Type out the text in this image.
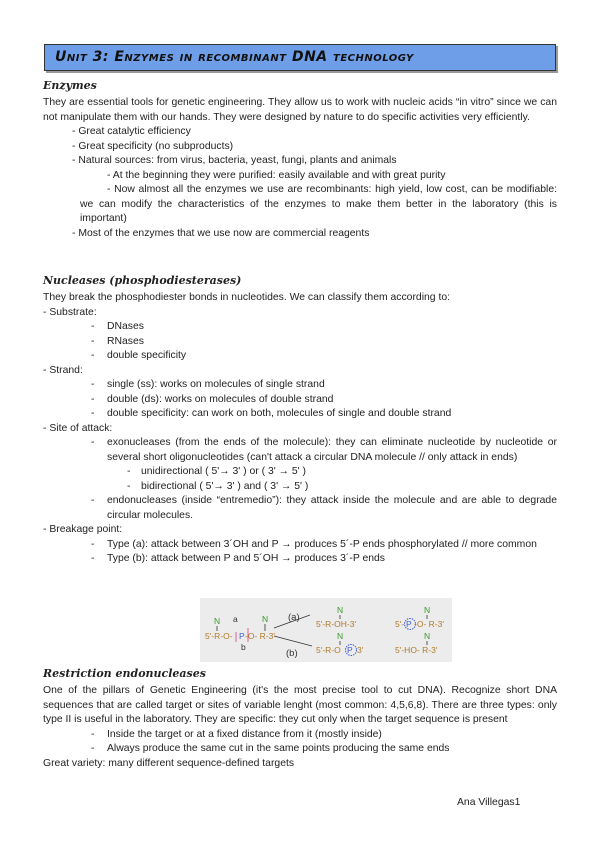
Unit 3: Enzymes in recombinant DNA technology
Enzymes
They are essential tools for genetic engineering. They allow us to work with nucleic acids “in vitro” since we can not manipulate them with our hands. They were designed by nature to do specific activities very efficiently.
- Great catalytic efficiency
- Great specificity (no subproducts)
- Natural sources: from virus, bacteria, yeast, fungi, plants and animals
- At the beginning they were purified: easily available and with great purity
- Now almost all the enzymes we use are recombinants: high yield, low cost, can be modifiable: we can modify the characteristics of the enzymes to make them better in the laboratory (this is important)
- Most of the enzymes that we use now are commercial reagents
Nucleases (phosphodiesterases)
They break the phosphodiester bonds in nucleotides. We can classify them according to:
- Substrate:
- DNases
- RNases
- double specificity
- Strand:
- single (ss): works on molecules of single strand
- double (ds): works on molecules of double strand
- double specificity: can work on both, molecules of single and double strand
- Site of attack:
- exonucleases (from the ends of the molecule): they can eliminate nucleotide by nucleotide or several short oligonucleotides (can't attack a circular DNA molecule // only attack in ends)
- unidirectional ( 5'→ 3' ) or ( 3' → 5' )
- bidirectional ( 5'→ 3' ) and ( 3' → 5' )
- endonucleases (inside “entremedio”): they attack inside the molecule and are able to degrade circular molecules.
- Breakage point:
- Type (a): attack between 3´OH and P → produces 5´-P ends phosphorylated // more common
- Type (b): attack between P and 5´OH → produces 3´-P ends
N	N
N	N
N	N
a
b
5'-R-O- P -O- R-3'
(a)
(b)
5'-R-OH-3'	5'- P -O- R-3'
5'-R-O P 3'	5'-HO- R-3'
Restriction endonucleases
One of the pillars of Genetic Engineering (it's the most precise tool to cut DNA). Recognize short DNA sequences that are called target or sites of variable lenght (most common: 4,5,6,8). There are three types: only type II is useful in the laboratory. They are specific: they cut only when the target sequence is present
- Inside the target or at a fixed distance from it (mostly inside)
- Always produce the same cut in the same points producing the same ends
Great variety: many different sequence-defined targets
Ana Villegas1
